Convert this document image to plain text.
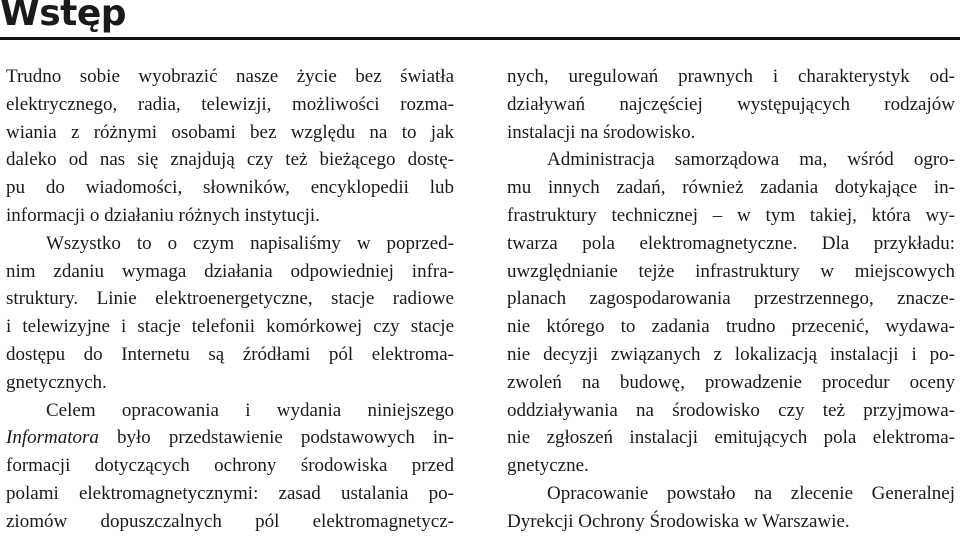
Wstęp
Trudno sobie wyobrazić nasze życie bez światła
elektrycznego, radia, telewizji, możliwości rozma-
wiania z różnymi osobami bez względu na to jak
daleko od nas się znajdują czy też bieżącego dostę-
pu do wiadomości, słowników, encyklopedii lub
informacji o działaniu różnych instytucji.
Wszystko to o czym napisaliśmy w poprzed-
nim zdaniu wymaga działania odpowiedniej infra-
struktury. Linie elektroenergetyczne, stacje radiowe
i telewizyjne i stacje telefonii komórkowej czy stacje
dostępu do Internetu są źródłami pól elektroma-
gnetycznych.
Celem opracowania i wydania niniejszego
Informatora było przedstawienie podstawowych in-
formacji dotyczących ochrony środowiska przed
polami elektromagnetycznymi: zasad ustalania po-
ziomów dopuszczalnych pól elektromagnetycz-
nych, uregulowań prawnych i charakterystyk od-
działywań najczęściej występujących rodzajów
instalacji na środowisko.
Administracja samorządowa ma, wśród ogro-
mu innych zadań, również zadania dotykające in-
frastruktury technicznej – w tym takiej, która wy-
twarza pola elektromagnetyczne. Dla przykładu:
uwzględnianie tejże infrastruktury w miejscowych
planach zagospodarowania przestrzennego, znacze-
nie którego to zadania trudno przecenić, wydawa-
nie decyzji związanych z lokalizacją instalacji i po-
zwoleń na budowę, prowadzenie procedur oceny
oddziaływania na środowisko czy też przyjmowa-
nie zgłoszeń instalacji emitujących pola elektroma-
gnetyczne.
Opracowanie powstało na zlecenie Generalnej
Dyrekcji Ochrony Środowiska w Warszawie.
